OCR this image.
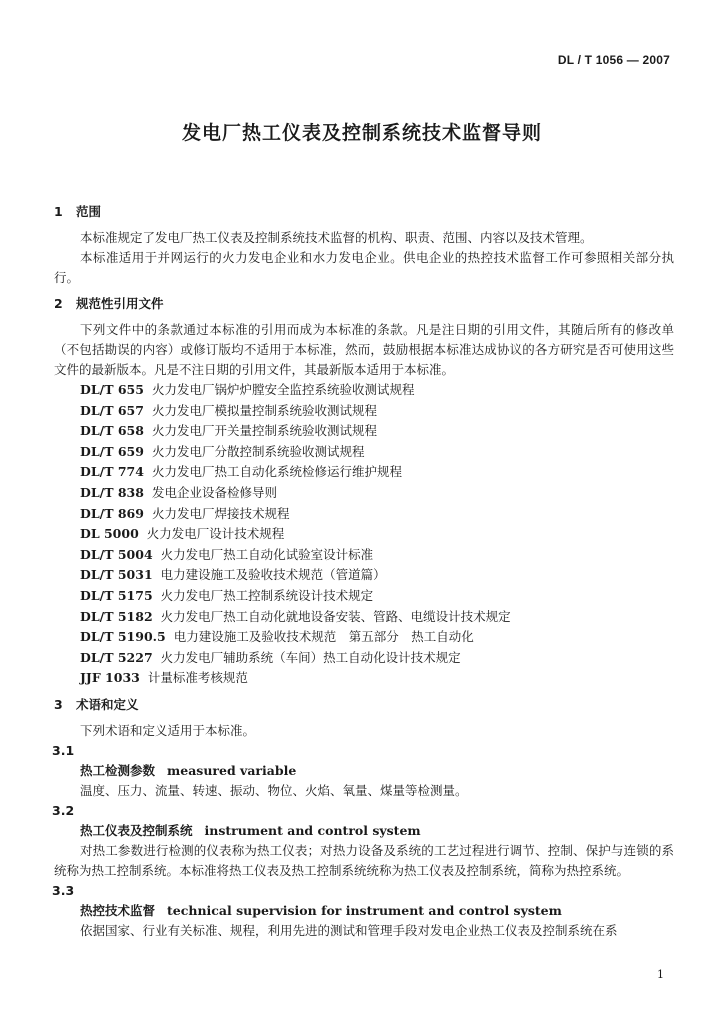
DL / T 1056 — 2007
发电厂热工仪表及控制系统技术监督导则
1 范围

本标准规定了发电厂热工仪表及控制系统技术监督的机构、职责、范围、内容以及技术管理。

本标准适用于并网运行的火力发电企业和水力发电企业。供电企业的热控技术监督工作可参照相关部分执行。

2 规范性引用文件

下列文件中的条款通过本标准的引用而成为本标准的条款。凡是注日期的引用文件，其随后所有的修改单（不包括勘误的内容）或修订版均不适用于本标准，然而，鼓励根据本标准达成协议的各方研究是否可使用这些文件的最新版本。凡是不注日期的引用文件，其最新版本适用于本标准。

DL/T 655 火力发电厂锅炉炉膛安全监控系统验收测试规程
DL/T 657 火力发电厂模拟量控制系统验收测试规程
DL/T 658 火力发电厂开关量控制系统验收测试规程
DL/T 659 火力发电厂分散控制系统验收测试规程
DL/T 774 火力发电厂热工自动化系统检修运行维护规程
DL/T 838 发电企业设备检修导则
DL/T 869 火力发电厂焊接技术规程
DL 5000 火力发电厂设计技术规程
DL/T 5004 火力发电厂热工自动化试验室设计标准
DL/T 5031 电力建设施工及验收技术规范（管道篇）
DL/T 5175 火力发电厂热工控制系统设计技术规定
DL/T 5182 火力发电厂热工自动化就地设备安装、管路、电缆设计技术规定
DL/T 5190.5 电力建设施工及验收技术规范　第五部分　热工自动化
DL/T 5227 火力发电厂辅助系统（车间）热工自动化设计技术规定
JJF 1033 计量标准考核规范
3 术语和定义

下列术语和定义适用于本标准。

3.1
热工检测参数 measured variable

温度、压力、流量、转速、振动、物位、火焰、氧量、煤量等检测量。

3.2
热工仪表及控制系统 instrument and control system

对热工参数进行检测的仪表称为热工仪表；对热力设备及系统的工艺过程进行调节、控制、保护与连锁的系统称为热工控制系统。本标准将热工仪表及热工控制系统统称为热工仪表及控制系统，简称为热控系统。

3.3
热控技术监督 technical supervision for instrument and control system

依据国家、行业有关标准、规程，利用先进的测试和管理手段对发电企业热工仪表及控制系统在系

1
